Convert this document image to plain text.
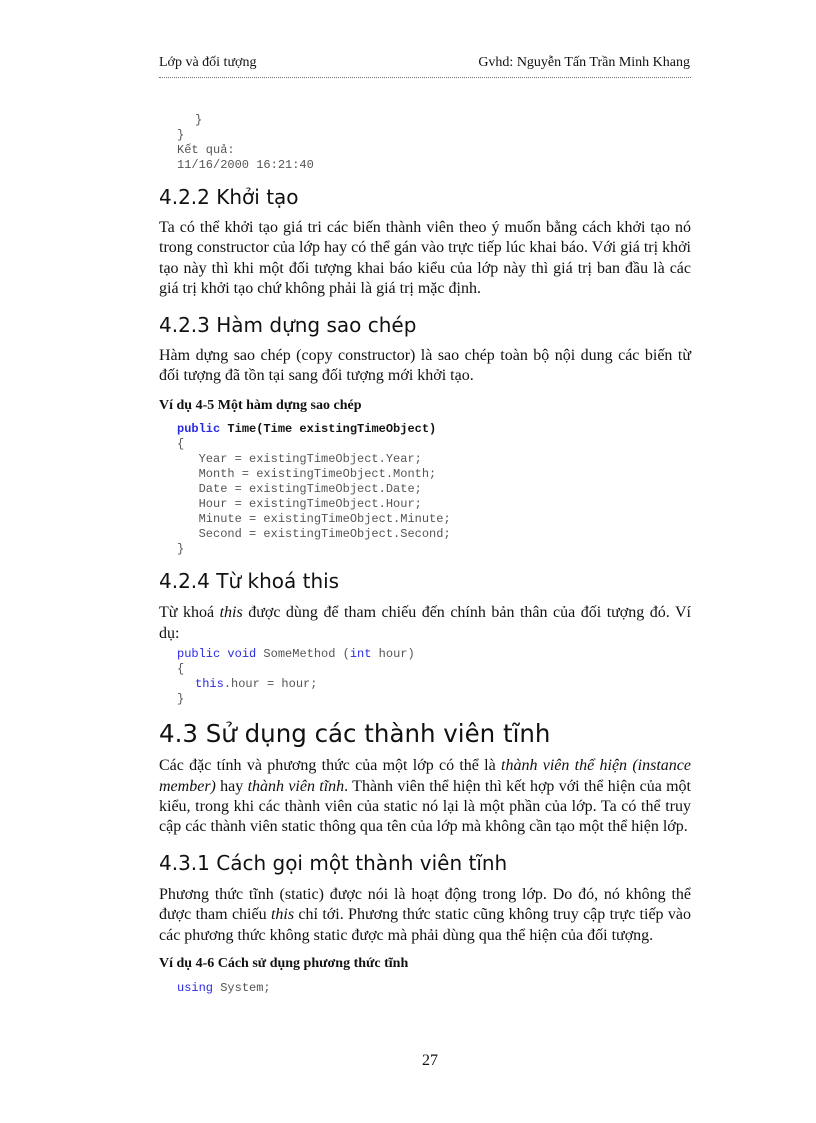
Lớp và đối tượng	Gvhd: Nguyễn Tấn Trần Minh Khang
}
}
Kết quả:
11/16/2000 16:21:40
4.2.2 Khởi tạo
Ta có thể khởi tạo giá tri các biến thành viên theo ý muốn bằng cách khởi tạo nó trong constructor của lớp hay có thể gán vào trực tiếp lúc khai báo. Với giá trị khởi tạo này thì khi một đối tượng khai báo kiểu của lớp này thì giá trị ban đầu là các giá trị khởi tạo chứ không phải là giá trị mặc định.
4.2.3 Hàm dựng sao chép
Hàm dựng sao chép (copy constructor) là sao chép toàn bộ nội dung các biến từ đối tượng đã tồn tại sang đối tượng mới khởi tạo.
Ví dụ 4-5 Một hàm dựng sao chép
public Time(Time existingTimeObject)
{
Year = existingTimeObject.Year;
Month = existingTimeObject.Month;
Date = existingTimeObject.Date;
Hour = existingTimeObject.Hour;
Minute = existingTimeObject.Minute;
Second = existingTimeObject.Second;
}
4.2.4 Từ khoá this
Từ khoá this được dùng để tham chiếu đến chính bản thân của đối tượng đó. Ví dụ:
public void SomeMethod (int hour)
{
this.hour = hour;
}
4.3 Sử dụng các thành viên tĩnh
Các đặc tính và phương thức của một lớp có thể là thành viên thể hiện (instance member) hay thành viên tĩnh. Thành viên thể hiện thì kết hợp với thể hiện của một kiểu, trong khi các thành viên của static nó lại là một phần của lớp. Ta có thể truy cập các thành viên static thông qua tên của lớp mà không cần tạo một thể hiện lớp.
4.3.1 Cách gọi một thành viên tĩnh
Phương thức tĩnh (static) được nói là hoạt động trong lớp. Do đó, nó không thể được tham chiếu this chỉ tới. Phương thức static cũng không truy cập trực tiếp vào các phương thức không static được mà phải dùng qua thể hiện của đối tượng.
Ví dụ 4-6 Cách sử dụng phương thức tĩnh
using System;
27
